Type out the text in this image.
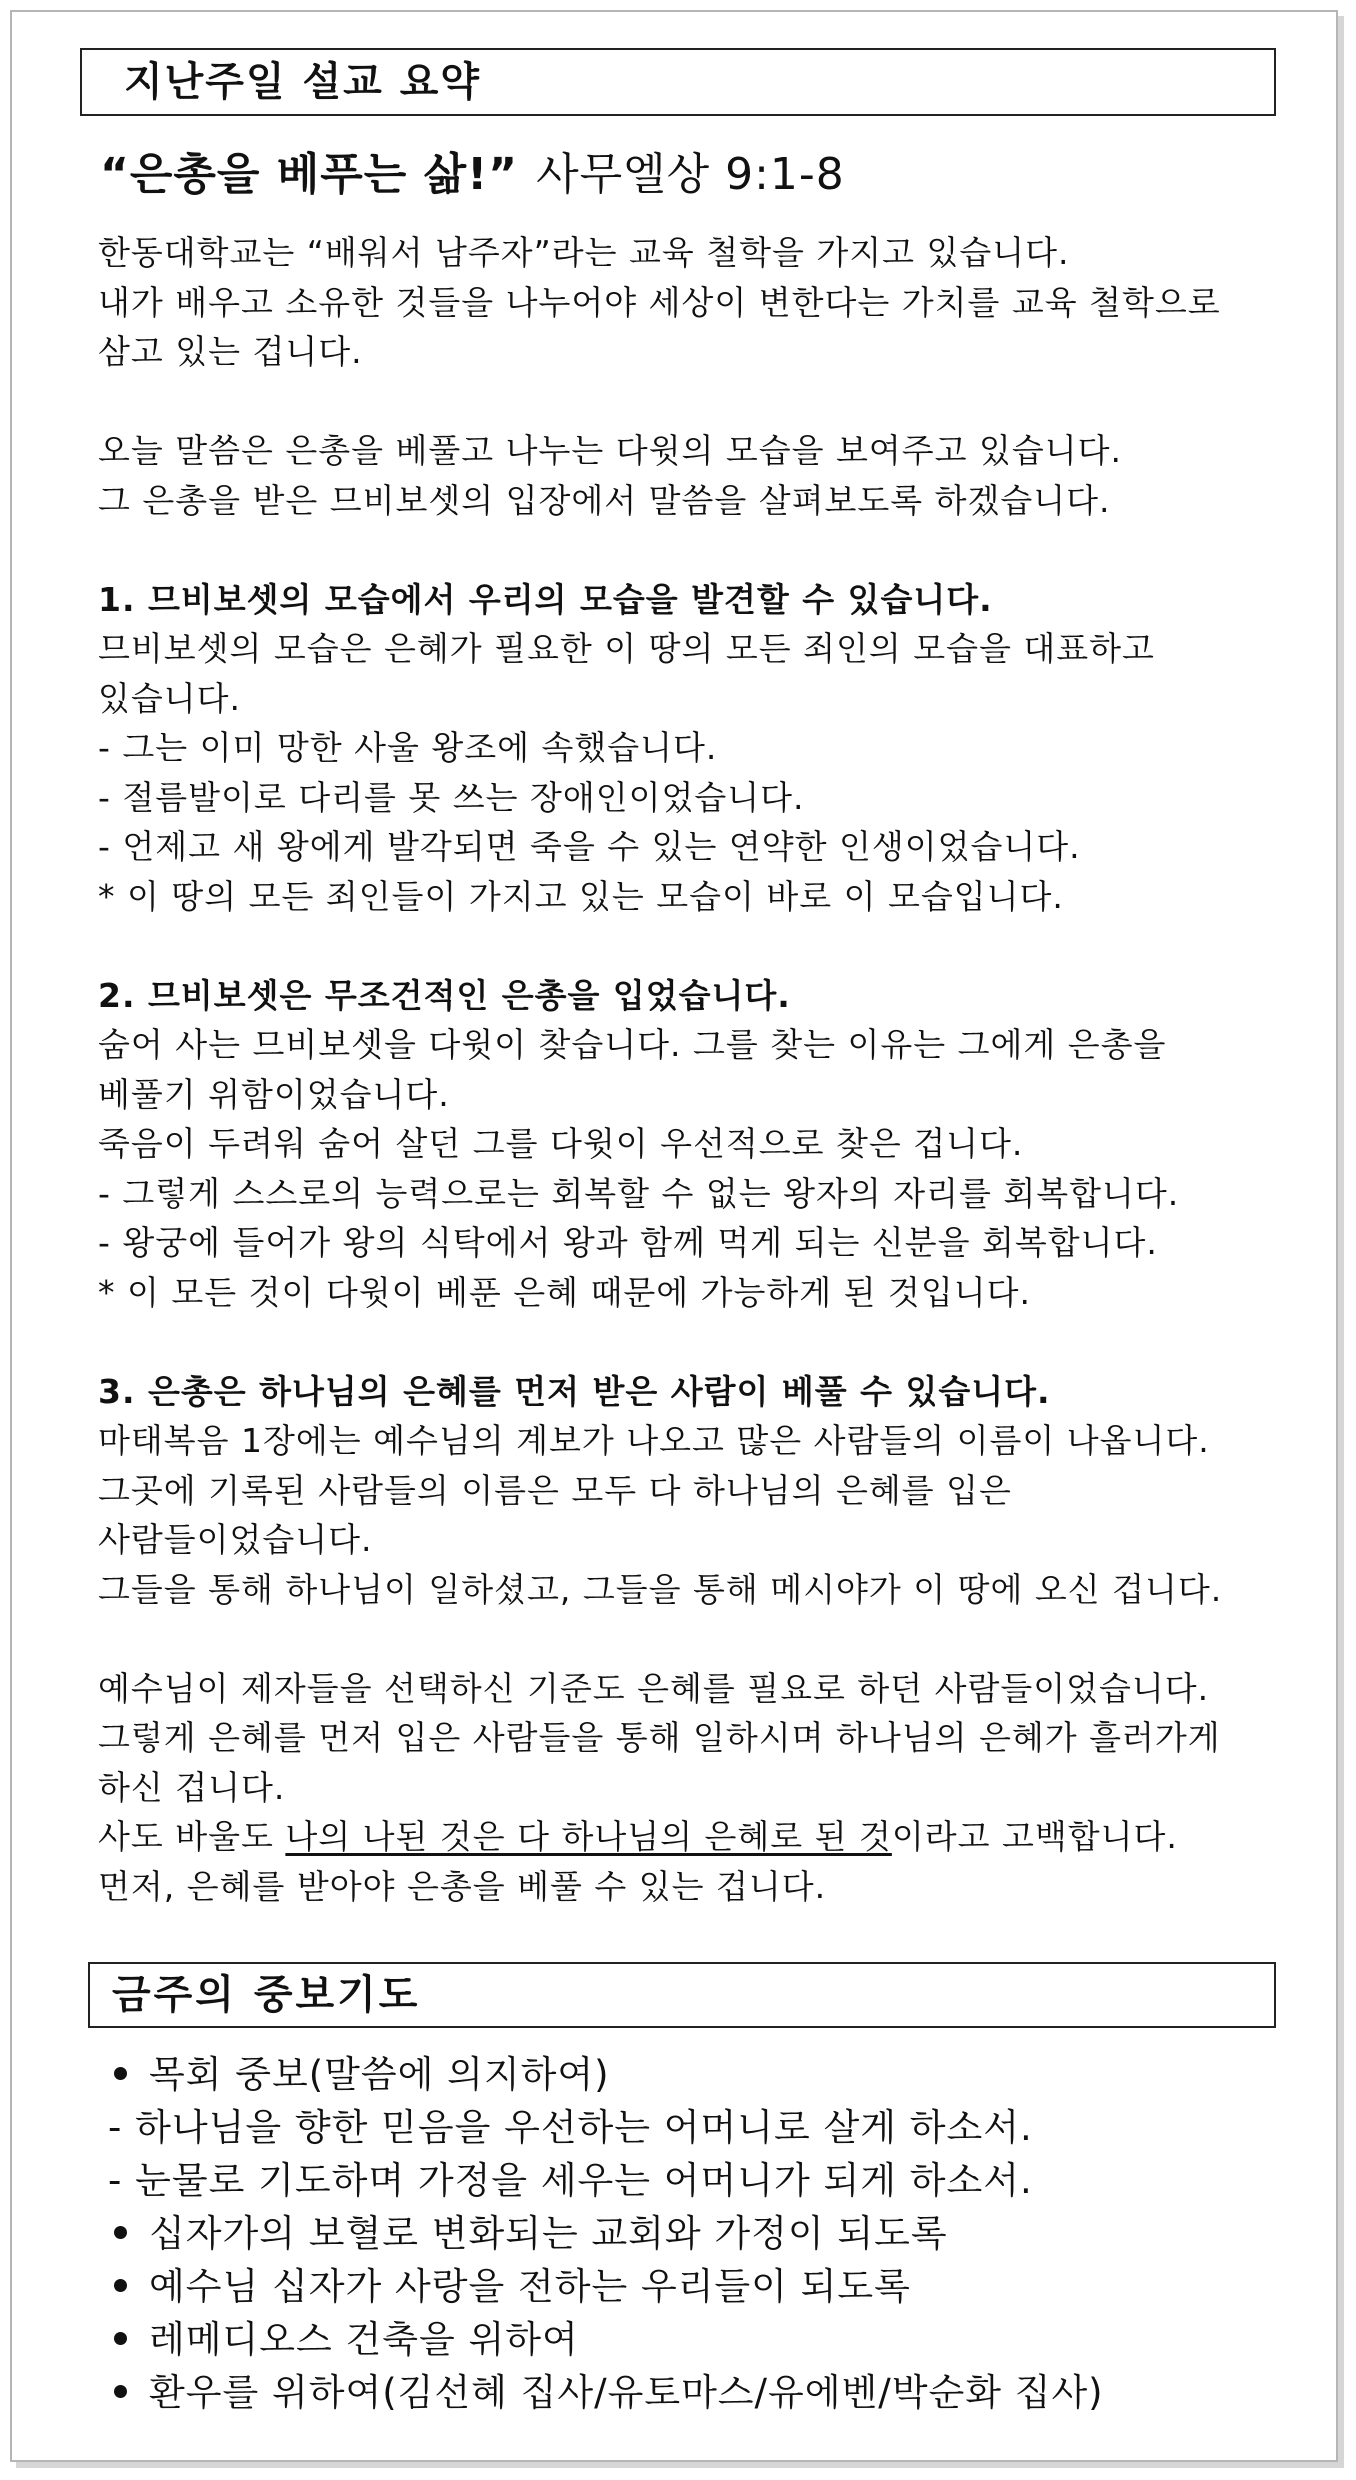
지난주일 설교 요약
“은총을 베푸는 삶!” 사무엘상 9:1-8
한동대학교는 “배워서 남주자”라는 교육 철학을 가지고 있습니다.
내가 배우고 소유한 것들을 나누어야 세상이 변한다는 가치를 교육 철학으로
삼고 있는 겁니다.
오늘 말씀은 은총을 베풀고 나누는 다윗의 모습을 보여주고 있습니다.
그 은총을 받은 므비보셋의 입장에서 말씀을 살펴보도록 하겠습니다.
1. 므비보셋의 모습에서 우리의 모습을 발견할 수 있습니다.
므비보셋의 모습은 은혜가 필요한 이 땅의 모든 죄인의 모습을 대표하고
있습니다.
- 그는 이미 망한 사울 왕조에 속했습니다.
- 절름발이로 다리를 못 쓰는 장애인이었습니다.
- 언제고 새 왕에게 발각되면 죽을 수 있는 연약한 인생이었습니다.
* 이 땅의 모든 죄인들이 가지고 있는 모습이 바로 이 모습입니다.
2. 므비보셋은 무조건적인 은총을 입었습니다.
숨어 사는 므비보셋을 다윗이 찾습니다. 그를 찾는 이유는 그에게 은총을
베풀기 위함이었습니다.
죽음이 두려워 숨어 살던 그를 다윗이 우선적으로 찾은 겁니다.
- 그렇게 스스로의 능력으로는 회복할 수 없는 왕자의 자리를 회복합니다.
- 왕궁에 들어가 왕의 식탁에서 왕과 함께 먹게 되는 신분을 회복합니다.
* 이 모든 것이 다윗이 베푼 은혜 때문에 가능하게 된 것입니다.
3. 은총은 하나님의 은혜를 먼저 받은 사람이 베풀 수 있습니다.
마태복음 1장에는 예수님의 계보가 나오고 많은 사람들의 이름이 나옵니다.
그곳에 기록된 사람들의 이름은 모두 다 하나님의 은혜를 입은
사람들이었습니다.
그들을 통해 하나님이 일하셨고, 그들을 통해 메시야가 이 땅에 오신 겁니다.
예수님이 제자들을 선택하신 기준도 은혜를 필요로 하던 사람들이었습니다.
그렇게 은혜를 먼저 입은 사람들을 통해 일하시며 하나님의 은혜가 흘러가게
하신 겁니다.
사도 바울도 나의 나된 것은 다 하나님의 은혜로 된 것이라고 고백합니다.
먼저, 은혜를 받아야 은총을 베풀 수 있는 겁니다.
금주의 중보기도
목회 중보(말씀에 의지하여)
- 하나님을 향한 믿음을 우선하는 어머니로 살게 하소서.
- 눈물로 기도하며 가정을 세우는 어머니가 되게 하소서.
십자가의 보혈로 변화되는 교회와 가정이 되도록
예수님 십자가 사랑을 전하는 우리들이 되도록
레메디오스 건축을 위하여
환우를 위하여(김선혜 집사/유토마스/유에벤/박순화 집사)
